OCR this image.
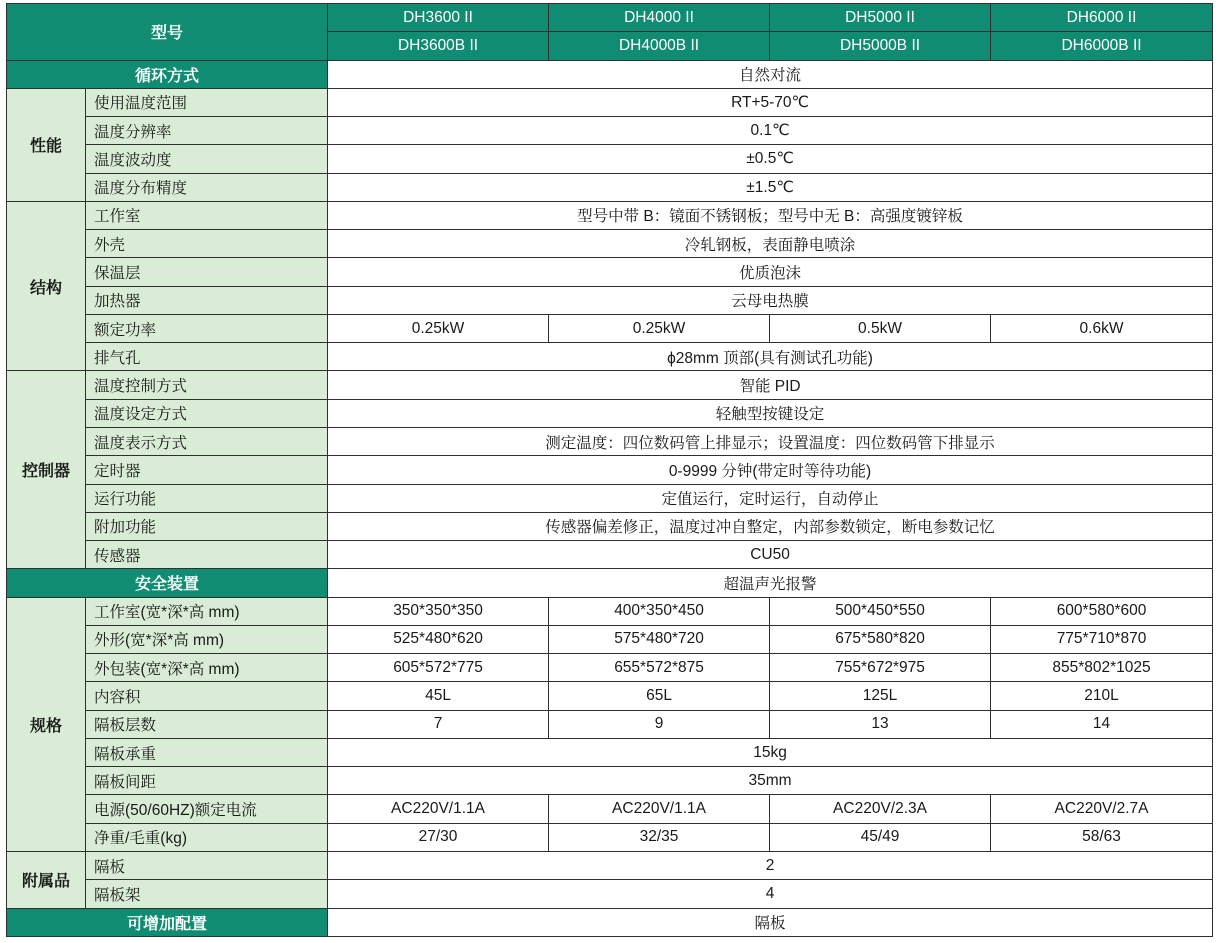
型号		DH3600 II	DH4000 II	DH5000 II	DH6000 II
		DH3600B II	DH4000B II	DH5000B II	DH6000B II
循环方式		自然对流			
性能	使用温度范围	RT+5-70℃			
	温度分辨率	0.1℃			
	温度波动度	±0.5℃			
	温度分布精度	±1.5℃			
结构	工作室	型号中带 B：镜面不锈钢板；型号中无 B：高强度镀锌板			
	外壳	冷轧钢板，表面静电喷涂			
	保温层	优质泡沫			
	加热器	云母电热膜			
	额定功率	0.25kW	0.25kW	0.5kW	0.6kW
	排气孔	ϕ28mm 顶部(具有测试孔功能)			
控制器	温度控制方式	智能 PID			
	温度设定方式	轻触型按键设定			
	温度表示方式	测定温度：四位数码管上排显示；设置温度：四位数码管下排显示			
	定时器	0-9999 分钟(带定时等待功能)			
	运行功能	定值运行，定时运行，自动停止			
	附加功能	传感器偏差修正，温度过冲自整定，内部参数锁定，断电参数记忆			
	传感器	CU50			
安全装置		超温声光报警			
规格	工作室(宽*深*高 mm)	350*350*350	400*350*450	500*450*550	600*580*600
	外形(宽*深*高 mm)	525*480*620	575*480*720	675*580*820	775*710*870
	外包装(宽*深*高 mm)	605*572*775	655*572*875	755*672*975	855*802*1025
	内容积	45L	65L	125L	210L
	隔板层数	7	9	13	14
	隔板承重	15kg			
	隔板间距	35mm			
	电源(50/60HZ)额定电流	AC220V/1.1A	AC220V/1.1A	AC220V/2.3A	AC220V/2.7A
	净重/毛重(kg)	27/30	32/35	45/49	58/63
附属品	隔板	2			
	隔板架	4			
可增加配置		隔板			
